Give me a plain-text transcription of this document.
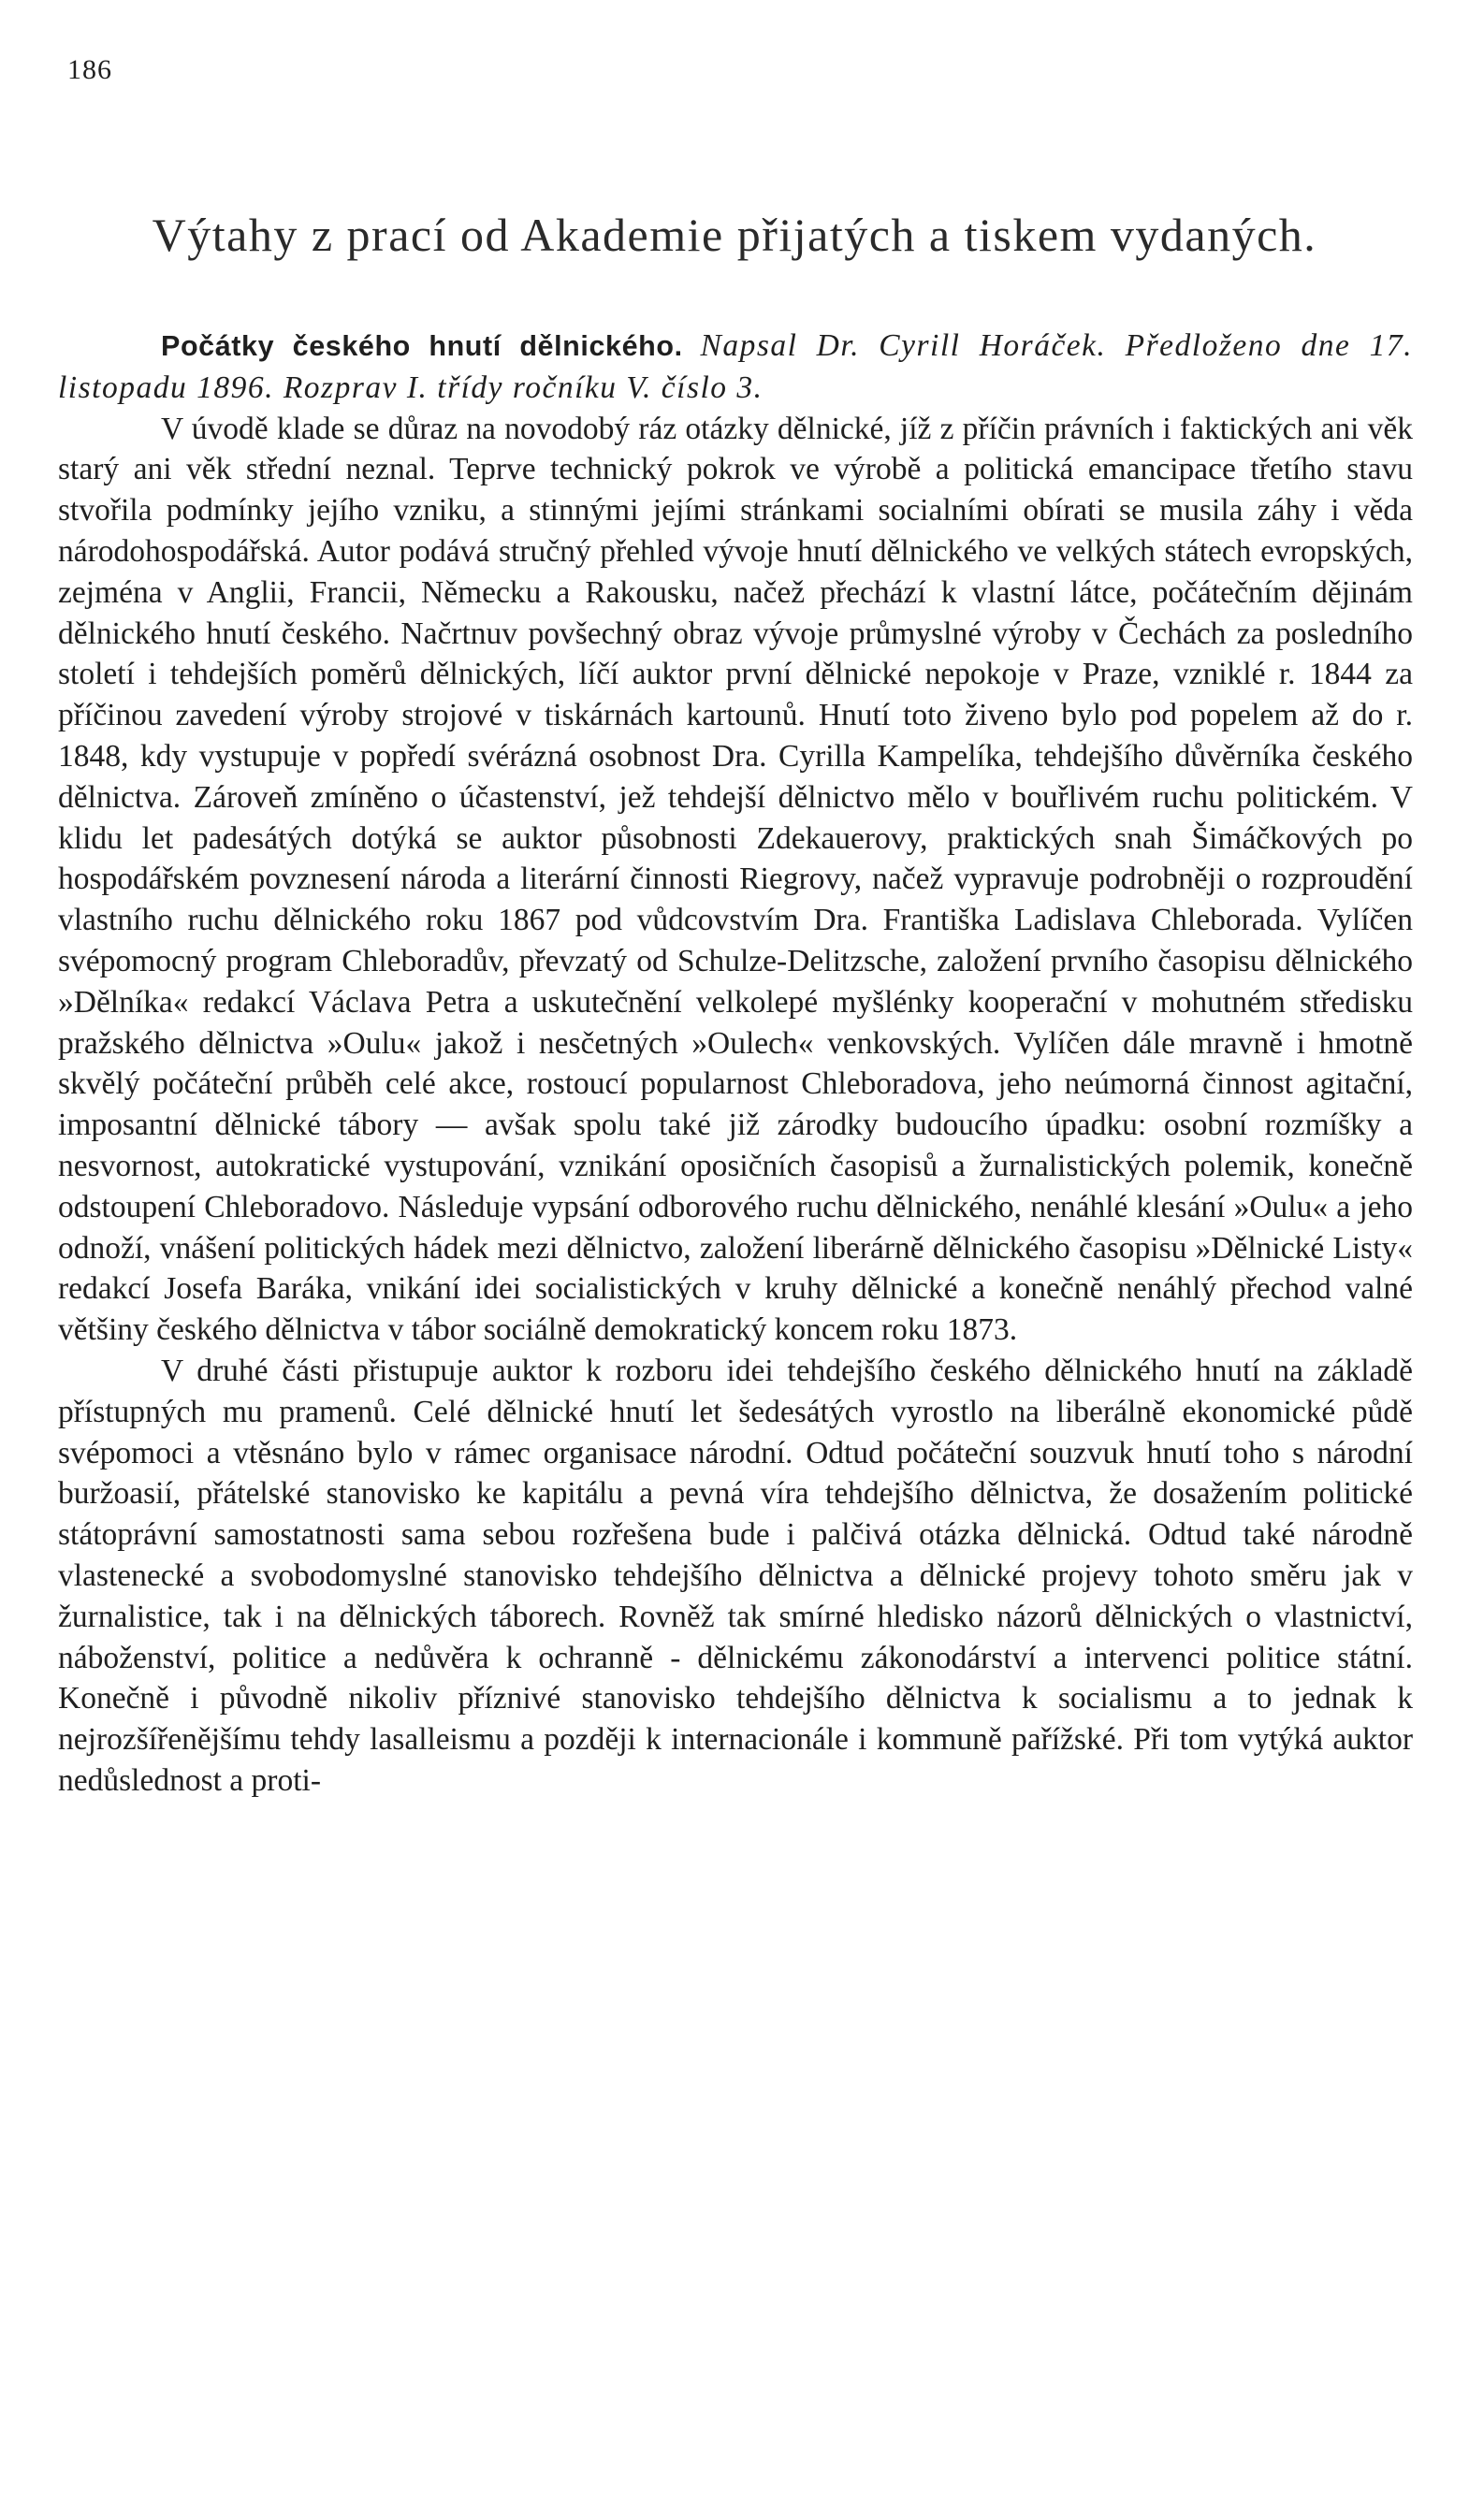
186
Výtahy z prací od Akademie přijatých a tiskem vydaných.

Počátky českého hnutí dělnického. Napsal Dr. Cyrill Horáček. Předloženo dne 17. listopadu 1896. Rozprav I. třídy ročníku V. číslo 3.

V úvodě klade se důraz na novodobý ráz otázky dělnické, jíž z příčin právních i faktických ani věk starý ani věk střední neznal. Teprve technický pokrok ve výrobě a politická emancipace třetího stavu stvořila podmínky jejího vzniku, a stinnými jejími stránkami socialními obírati se musila záhy i věda národohospodářská. Autor podává stručný přehled vývoje hnutí dělnického ve velkých státech evropských, zejména v Anglii, Francii, Německu a Rakousku, načež přechází k vlastní látce, počátečním dějinám dělnického hnutí českého. Načrtnuv povšechný obraz vývoje průmyslné výroby v Čechách za posledního století i tehdejších poměrů dělnických, líčí auktor první dělnické nepokoje v Praze, vzniklé r. 1844 za příčinou zavedení výroby strojové v tiskárnách kartounů. Hnutí toto živeno bylo pod popelem až do r. 1848, kdy vystupuje v popředí svérázná osobnost Dra. Cyrilla Kampelíka, tehdejšího důvěrníka českého dělnictva. Zároveň zmíněno o účastenství, jež tehdejší dělnictvo mělo v bouřlivém ruchu politickém. V klidu let padesátých dotýká se auktor působnosti Zdekauerovy, praktických snah Šimáčkových po hospodářském povznesení národa a literární činnosti Riegrovy, načež vypravuje podrobněji o rozproudění vlastního ruchu dělnického roku 1867 pod vůdcovstvím Dra. Františka Ladislava Chleborada. Vylíčen svépomocný program Chleboradův, převzatý od Schulze-Delitzsche, založení prvního časopisu dělnického »Dělníka« redakcí Václava Petra a uskutečnění velkolepé myšlénky kooperační v mohutném středisku pražského dělnictva »Oulu« jakož i nesčetných »Oulech« venkovských. Vylíčen dále mravně i hmotně skvělý počáteční průběh celé akce, rostoucí popularnost Chleboradova, jeho neúmorná činnost agitační, imposantní dělnické tábory — avšak spolu také již zárodky budoucího úpadku: osobní rozmíšky a nesvornost, autokratické vystupování, vznikání oposičních časopisů a žurnalistických polemik, konečně odstoupení Chleboradovo. Následuje vypsání odborového ruchu dělnického, nenáhlé klesání »Oulu« a jeho odnoží, vnášení politických hádek mezi dělnictvo, založení liberárně dělnického časopisu »Dělnické Listy« redakcí Josefa Baráka, vnikání idei socialistických v kruhy dělnické a konečně nenáhlý přechod valné většiny českého dělnictva v tábor sociálně demokratický koncem roku 1873.

V druhé části přistupuje auktor k rozboru idei tehdejšího českého dělnického hnutí na základě přístupných mu pramenů. Celé dělnické hnutí let šedesátých vyrostlo na liberálně ekonomické půdě svépomoci a vtěsnáno bylo v rámec organisace národní. Odtud počáteční souzvuk hnutí toho s národní buržoasií, přátelské stanovisko ke kapitálu a pevná víra tehdejšího dělnictva, že dosažením politické státoprávní samostatnosti sama sebou rozřešena bude i palčivá otázka dělnická. Odtud také národně vlastenecké a svobodomyslné stanovisko tehdejšího dělnictva a dělnické projevy tohoto směru jak v žurnalistice, tak i na dělnických táborech. Rovněž tak smírné hledisko názorů dělnických o vlastnictví, náboženství, politice a nedůvěra k ochranně - dělnickému zákonodárství a intervenci politice státní. Konečně i původně nikoliv příznivé stanovisko tehdejšího dělnictva k socialismu a to jednak k nejrozšířenějšímu tehdy lasalleismu a později k internacionále i kommuně pařížské. Při tom vytýká auktor nedůslednost a proti-
